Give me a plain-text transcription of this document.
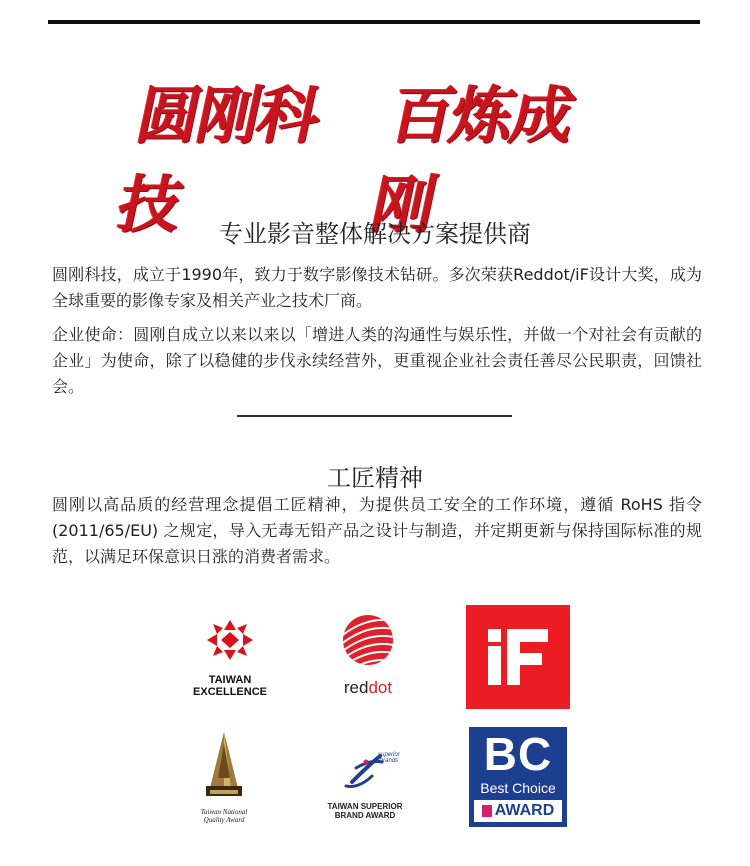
圆刚科技
百炼成刚
专业影音整体解决方案提供商

圆刚科技，成立于1990年，致力于数字影像技术钻研。多次荣获Reddot/iF设计大奖，成为全球重要的影像专家及相关产业之技术厂商。

企业使命：圆刚自成立以来以来以「增进人类的沟通性与娱乐性，并做一个对社会有贡献的企业」为使命，除了以稳健的步伐永续经营外，更重视企业社会责任善尽公民职责，回馈社会。

工匠精神

圆刚以高品质的经营理念提倡工匠精神，为提供员工安全的工作环境，遵循 RoHS 指令 (2011/65/EU) 之规定，导入无毒无铅产品之设计与制造，并定期更新与保持国际标准的规范，以满足环保意识日涨的消费者需求。

TAIWAN
EXCELLENCE	reddot
Taiwan National
Quality Award
superior brands
TAIWAN SUPERIOR
BRAND AWARD
BC
Best Choice
AWARD
